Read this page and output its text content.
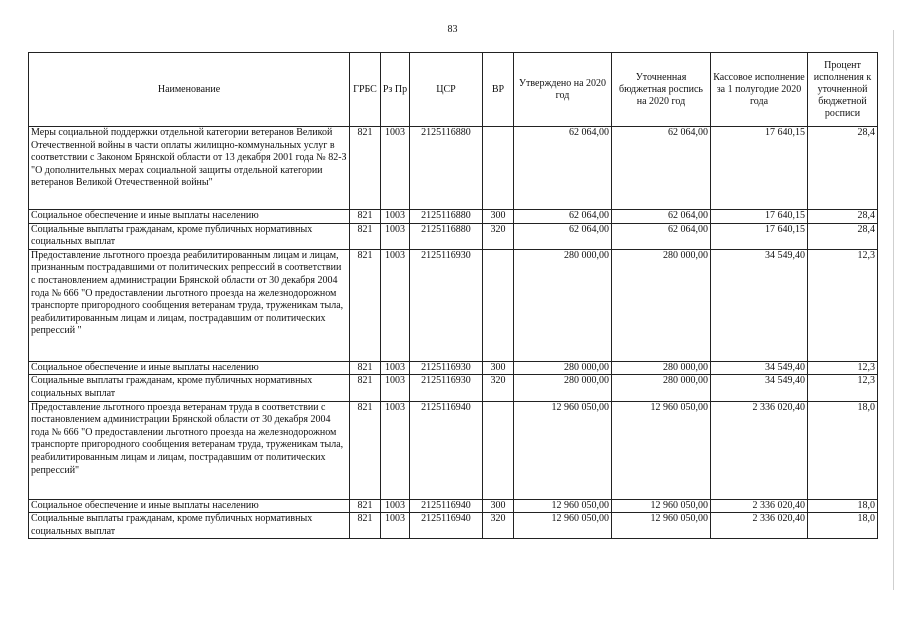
83
Наименование	ГРБС	Рз Пр	ЦСР	ВР	Утверждено на 2020 год	Уточненная бюджетная роспись на 2020 год	Кассовое исполнение за 1 полугодие 2020 года	Процент исполнения к уточненной бюджетной росписи
Меры социальной поддержки отдельной категории ветеранов Великой Отечественной войны в части оплаты жилищно-коммунальных услуг в соответствии с Законом Брянской области от 13 декабря 2001 года № 82-З "О дополнительных мерах социальной защиты отдельной категории ветеранов Великой Отечественной войны"	821	1003	2125116880		62 064,00	62 064,00	17 640,15	28,4
Социальное обеспечение и иные выплаты населению	821	1003	2125116880	300	62 064,00	62 064,00	17 640,15	28,4
Социальные выплаты гражданам, кроме публичных нормативных социальных выплат	821	1003	2125116880	320	62 064,00	62 064,00	17 640,15	28,4
Предоставление льготного проезда реабилитированным лицам и лицам, признанным пострадавшими от политических репрессий в соответствии с постановлением администрации Брянской области от 30 декабря 2004 года № 666 "О предоставлении льготного проезда на железнодорожном транспорте пригородного сообщения ветеранам труда, труженикам тыла, реабилитированным лицам и лицам, пострадавшим от политических репрессий "	821	1003	2125116930		280 000,00	280 000,00	34 549,40	12,3
Социальное обеспечение и иные выплаты населению	821	1003	2125116930	300	280 000,00	280 000,00	34 549,40	12,3
Социальные выплаты гражданам, кроме публичных нормативных социальных выплат	821	1003	2125116930	320	280 000,00	280 000,00	34 549,40	12,3
Предоставление льготного проезда ветеранам труда в соответствии с постановлением администрации Брянской области от 30 декабря 2004 года № 666 "О предоставлении льготного проезда на железнодорожном транспорте пригородного сообщения ветеранам труда, труженикам тыла, реабилитированным лицам и лицам, пострадавшим от политических репрессий"	821	1003	2125116940		12 960 050,00	12 960 050,00	2 336 020,40	18,0
Социальное обеспечение и иные выплаты населению	821	1003	2125116940	300	12 960 050,00	12 960 050,00	2 336 020,40	18,0
Социальные выплаты гражданам, кроме публичных нормативных социальных выплат	821	1003	2125116940	320	12 960 050,00	12 960 050,00	2 336 020,40	18,0
